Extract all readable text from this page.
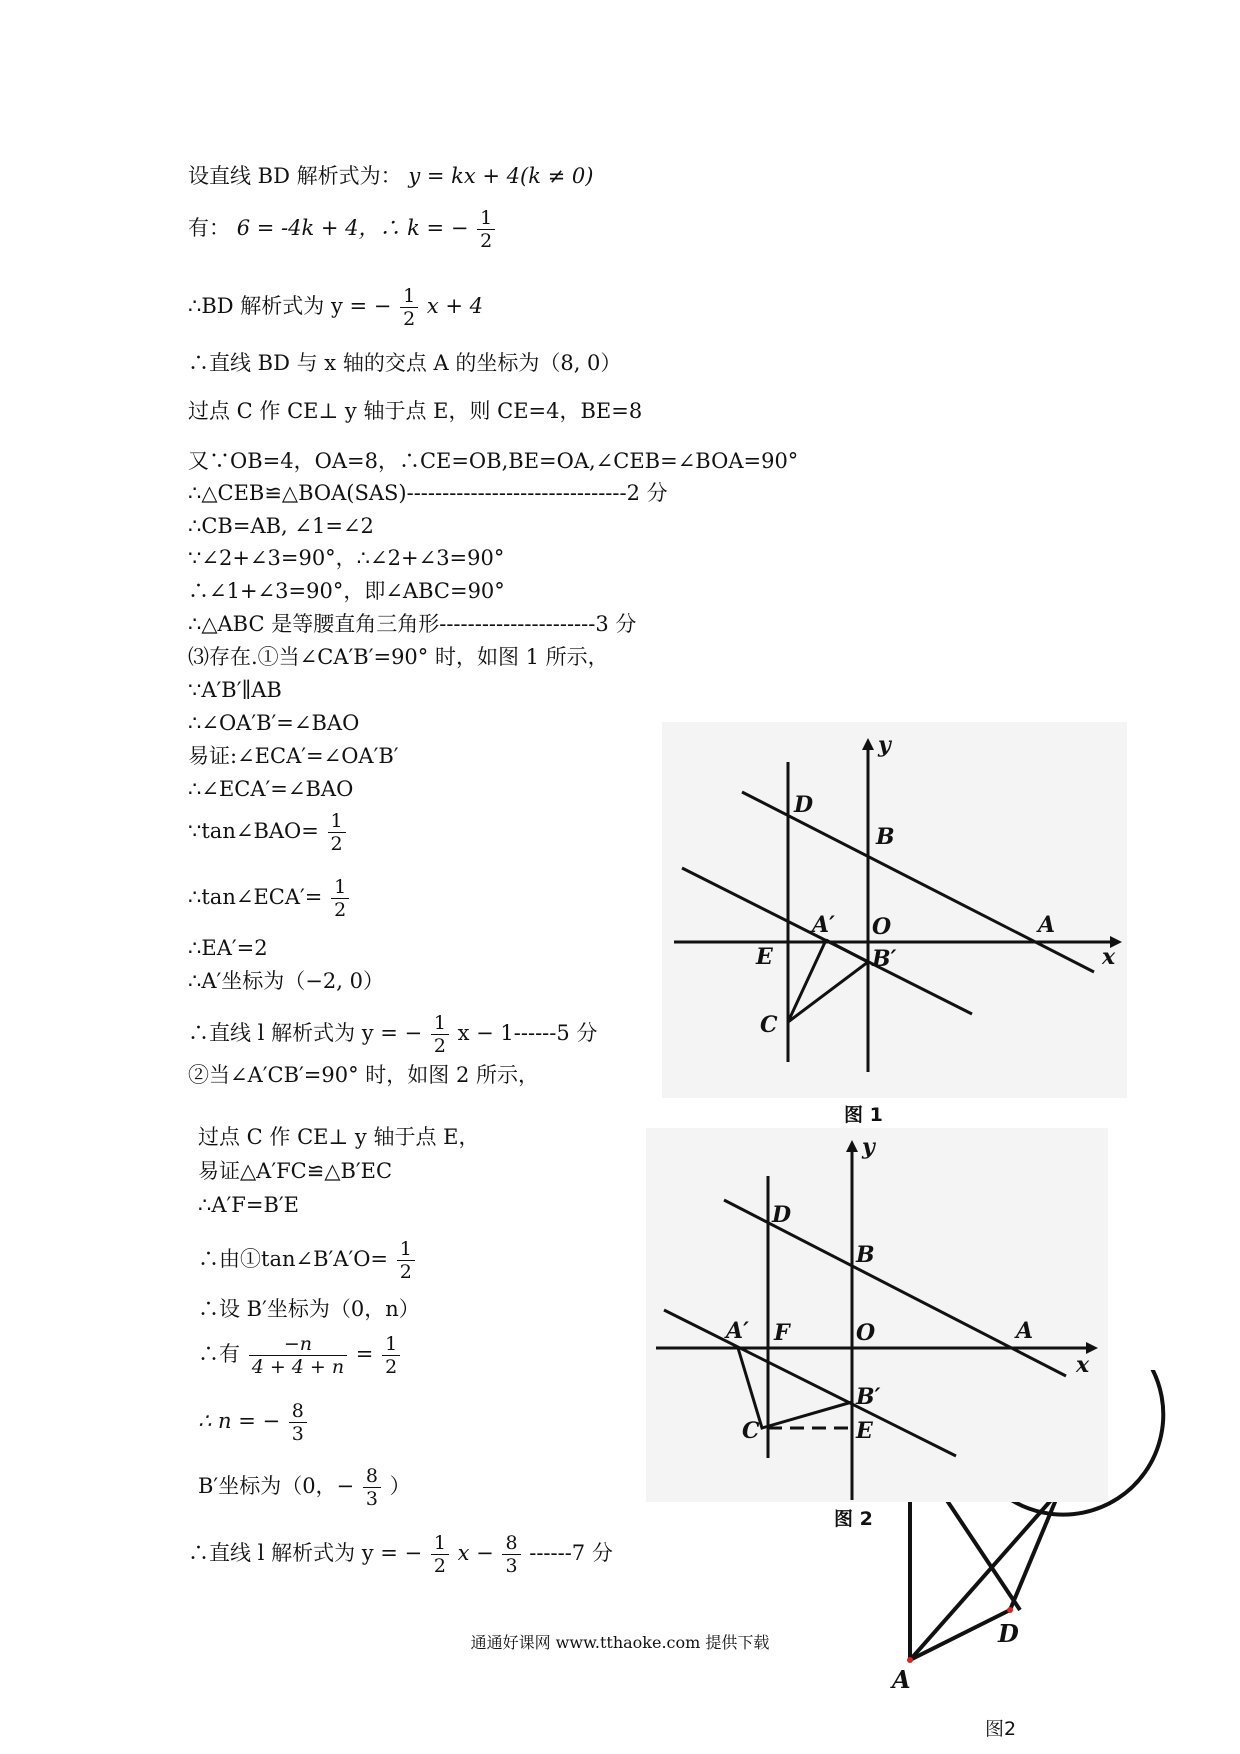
设直线 BD 解析式为： y = kx + 4(k ≠ 0)
有： 6 = -4k + 4，∴ k = − $\frac{1}{2}$
∴BD 解析式为 y = − $\frac{1}{2}$ x + 4
∴直线 BD 与 x 轴的交点 A 的坐标为（8, 0）
过点 C 作 CE⊥ y 轴于点 E，则 CE=4，BE=8
又∵OB=4，OA=8，∴CE=OB,BE=OA,∠CEB=∠BOA=90°
∴△CEB≌△BOA(SAS)-------------------------------2 分
∴CB=AB, ∠1=∠2
∵∠2+∠3=90°，∴∠2+∠3=90°
∴∠1+∠3=90°，即∠ABC=90°
∴△ABC 是等腰直角三角形----------------------3 分
⑶存在.①当∠CA′B′=90° 时，如图 1 所示，
∵A′B′∥AB
∴∠OA′B′=∠BAO
易证:∠ECA′=∠OA′B′
∴∠ECA′=∠BAO
∵tan∠BAO= $\frac{1}{2}$
∴tan∠ECA′= $\frac{1}{2}$
∴EA′=2
∴A′坐标为（−2, 0）
∴直线 l 解析式为 y = − $\frac{1}{2}$ x − 1------5 分
②当∠A′CB′=90° 时，如图 2 所示，
过点 C 作 CE⊥ y 轴于点 E，
易证△A′FC≌△B′EC
∴A′F=B′E
∴由①tan∠B′A′O= $\frac{1}{2}$
∴设 B′坐标为（0，n）
∴有 $\frac{-n}{4 + 4 + n} = \frac{1}{2}$
∴ n = − $\frac{8}{3}$
B′坐标为（0，− $\frac{8}{3}$ ）
∴直线 l 解析式为 y = − $\frac{1}{2}$ $x - \frac{8}{3} ------7$ 分
y
x
D
B
A
A′ O
E	B′
C
图 1
D
A
图2
y
x
D
B
A
A′ F	O
B′
C	E
图 2
通通好课网 www.tthaoke.com 提供下载
